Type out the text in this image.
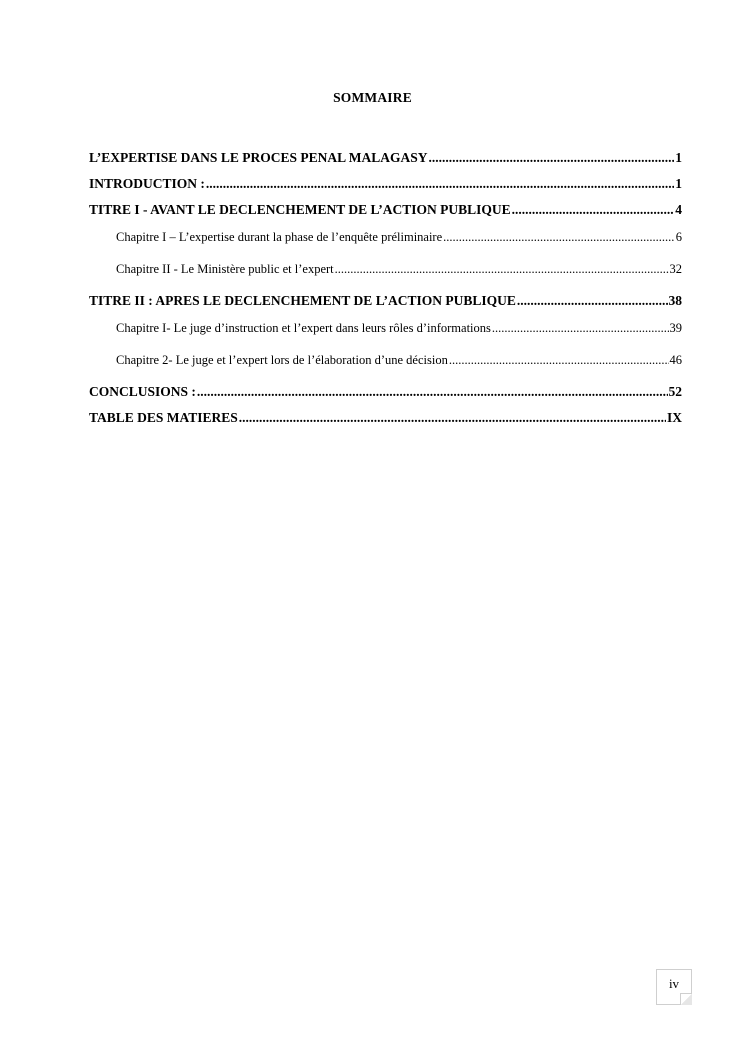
SOMMAIRE
L’EXPERTISE DANS LE PROCES PENAL MALAGASY .....	1
INTRODUCTION : .....	1
TITRE I - AVANT LE DECLENCHEMENT DE L’ACTION PUBLIQUE .....	4
Chapitre I – L’expertise durant la phase de l’enquête préliminaire .....	6
Chapitre II - Le Ministère public et l’expert .....	32
TITRE II : APRES LE DECLENCHEMENT DE L’ACTION PUBLIQUE .....	38
Chapitre I- Le juge d’instruction et l’expert dans leurs rôles d’informations .....	39
Chapitre 2- Le juge et l’expert lors de l’élaboration d’une décision .....	46
CONCLUSIONS : .....	52
TABLE DES MATIERES .....	IX
iv
